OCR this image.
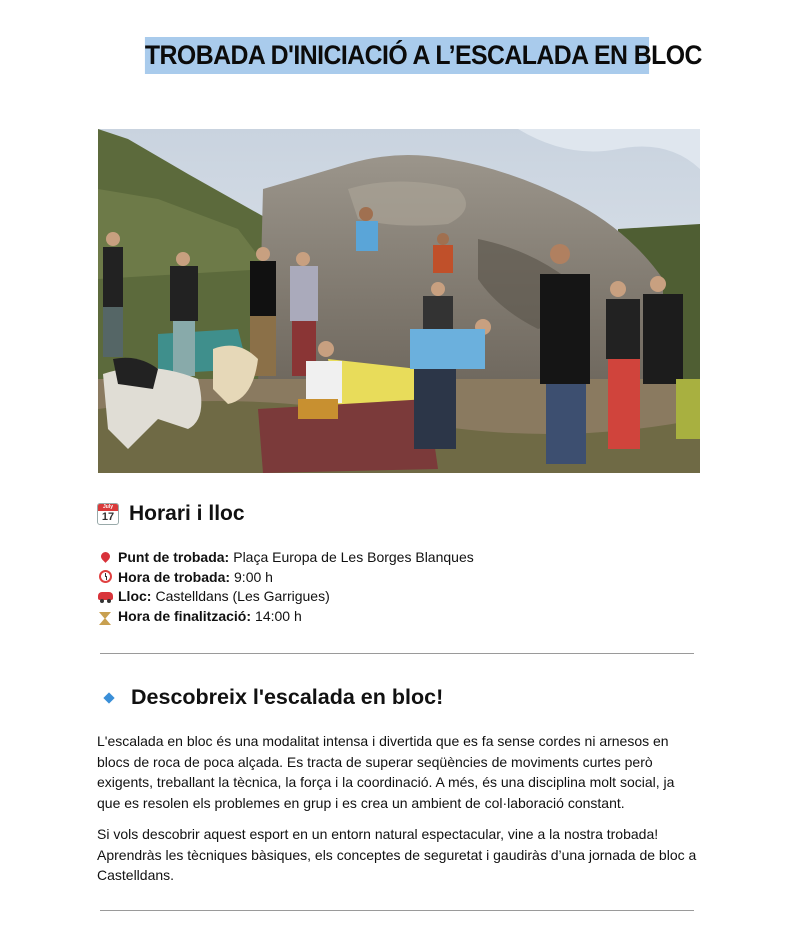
TROBADA D'INICIACIÓ A L’ESCALADA EN BLOC
July
17 Horari i lloc
Punt de trobada: Plaça Europa de Les Borges Blanques
Hora de trobada: 9:00 h
Lloc: Castelldans (Les Garrigues)
Hora de finalització: 14:00 h
Descobreix l'escalada en bloc!

L'escalada en bloc és una modalitat intensa i divertida que es fa sense cordes ni arnesos en blocs de roca de poca alçada. Es tracta de superar seqüències de moviments curtes però exigents, treballant la tècnica, la força i la coordinació. A més, és una disciplina molt social, ja que es resolen els problemes en grup i es crea un ambient de col·laboració constant.

Si vols descobrir aquest esport en un entorn natural espectacular, vine a la nostra trobada! Aprendràs les tècniques bàsiques, els conceptes de seguretat i gaudiràs d’una jornada de bloc a Castelldans.
